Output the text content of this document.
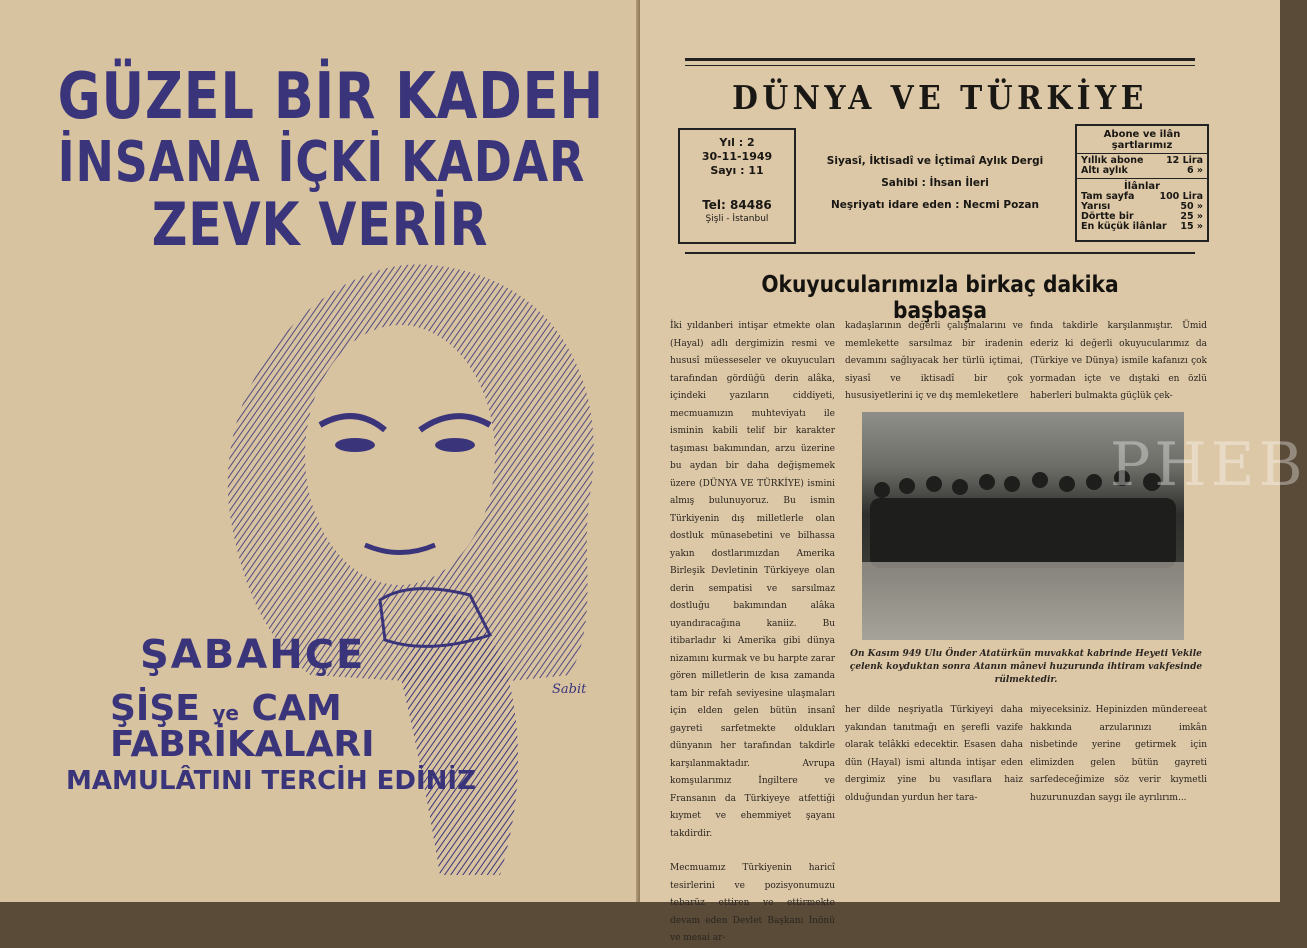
GÜZEL BİR KADEH
İNSANA İÇKİ KADAR
ZEVK VERİR
ŞABAHÇE
ŞİŞE ye CAM
FABRİKALARI
MAMULÂTINI TERCİH EDİNİZ
Sabit
DÜNYA VE TÜRKİYE
Yıl : 2
30-11-1949
Sayı : 11
Tel: 84486
Şişli - İstanbul
Siyasî, İktisadî ve İçtimaî Aylık Dergi
Sahibi : İhsan İleri
Neşriyatı idare eden : Necmi Pozan
Abone ve ilân şartlarımız
Yıllık abone 12 Lira
Altı aylık	6 »
İlânlar
Tam sayfa	100 Lira
Yarısı	50 »
Dörtte bir	25 »
En küçük ilânlar 15 »
Okuyucularımızla birkaç dakika başbaşa
İki yıldanberi intişar etmekte olan (Hayal) adlı dergimizin resmi ve hususî müesseseler ve okuyucuları tarafından gördüğü derin alâka, içindeki yazıların ciddiyeti, mecmuamızın muhteviyatı ile isminin kabili telif bir karakter taşıması bakımından, arzu üzerine bu aydan bir daha değişmemek üzere (DÜNYA VE TÜRKİYE) ismini almış bulunuyoruz. Bu ismin Türkiyenin dış milletlerle olan dostluk münasebetini ve bilhassa yakın dostlarımızdan Amerika Birleşik Devletinin Türkiyeye olan derin sempatisi ve sarsılmaz dostluğu bakımından alâka uyandıracağına kaniiz. Bu itibarladır ki Amerika gibi dünya nizamını kurmak ve bu harpte zarar gören milletlerin de kısa zamanda tam bir refah seviyesine ulaşmaları için elden gelen bütün insanî gayreti sarfetmekte oldukları dünyanın her tarafından takdirle karşılanmaktadır. Avrupa komşularımız İngiltere ve Fransanın da Türkiyeye atfettiği kıymet ve ehemmiyet şayanı takdirdir.
Mecmuamız Türkiyenin haricî tesirlerini ve pozisyonumuzu tebarüz ettiren ve ettirmekte devam eden Devlet Başkanı İnönü ve mesai ar-
kadaşlarının değerli çalışmalarını ve memlekette sarsılmaz bir iradenin devamını sağlıyacak her türlü içtimai, siyasî ve iktisadî bir çok hususiyetlerini iç ve dış memleketlere
fında takdirle karşılanmıştır. Ümid ederiz ki değerli okuyucularımız da (Türkiye ve Dünya) ismile kafanızı çok yormadan içte ve dıştaki en özlü haberleri bulmakta güçlük çek-
On Kasım 949 Ulu Önder Atatürkün muvakkat kabrinde Heyeti Vekile çelenk koyduktan sonra Atanın mânevi huzurunda ihtiram vakfesinde rülmektedir.
her dilde neşriyatla Türkiyeyi daha yakından tanıtmağı en şerefli vazife olarak telâkki edecektir. Esasen daha dün (Hayal) ismi altında intişar eden dergimiz yine bu vasıflara haiz olduğundan yurdun her tara-
miyeceksiniz. Hepinizden mündereeat hakkında arzularınızı imkân nisbetinde yerine getirmek için elimizden gelen bütün gayreti sarfedeceğimize söz verir kıymetli huzurunuzdan saygı ile ayrılırım...
PHEB
